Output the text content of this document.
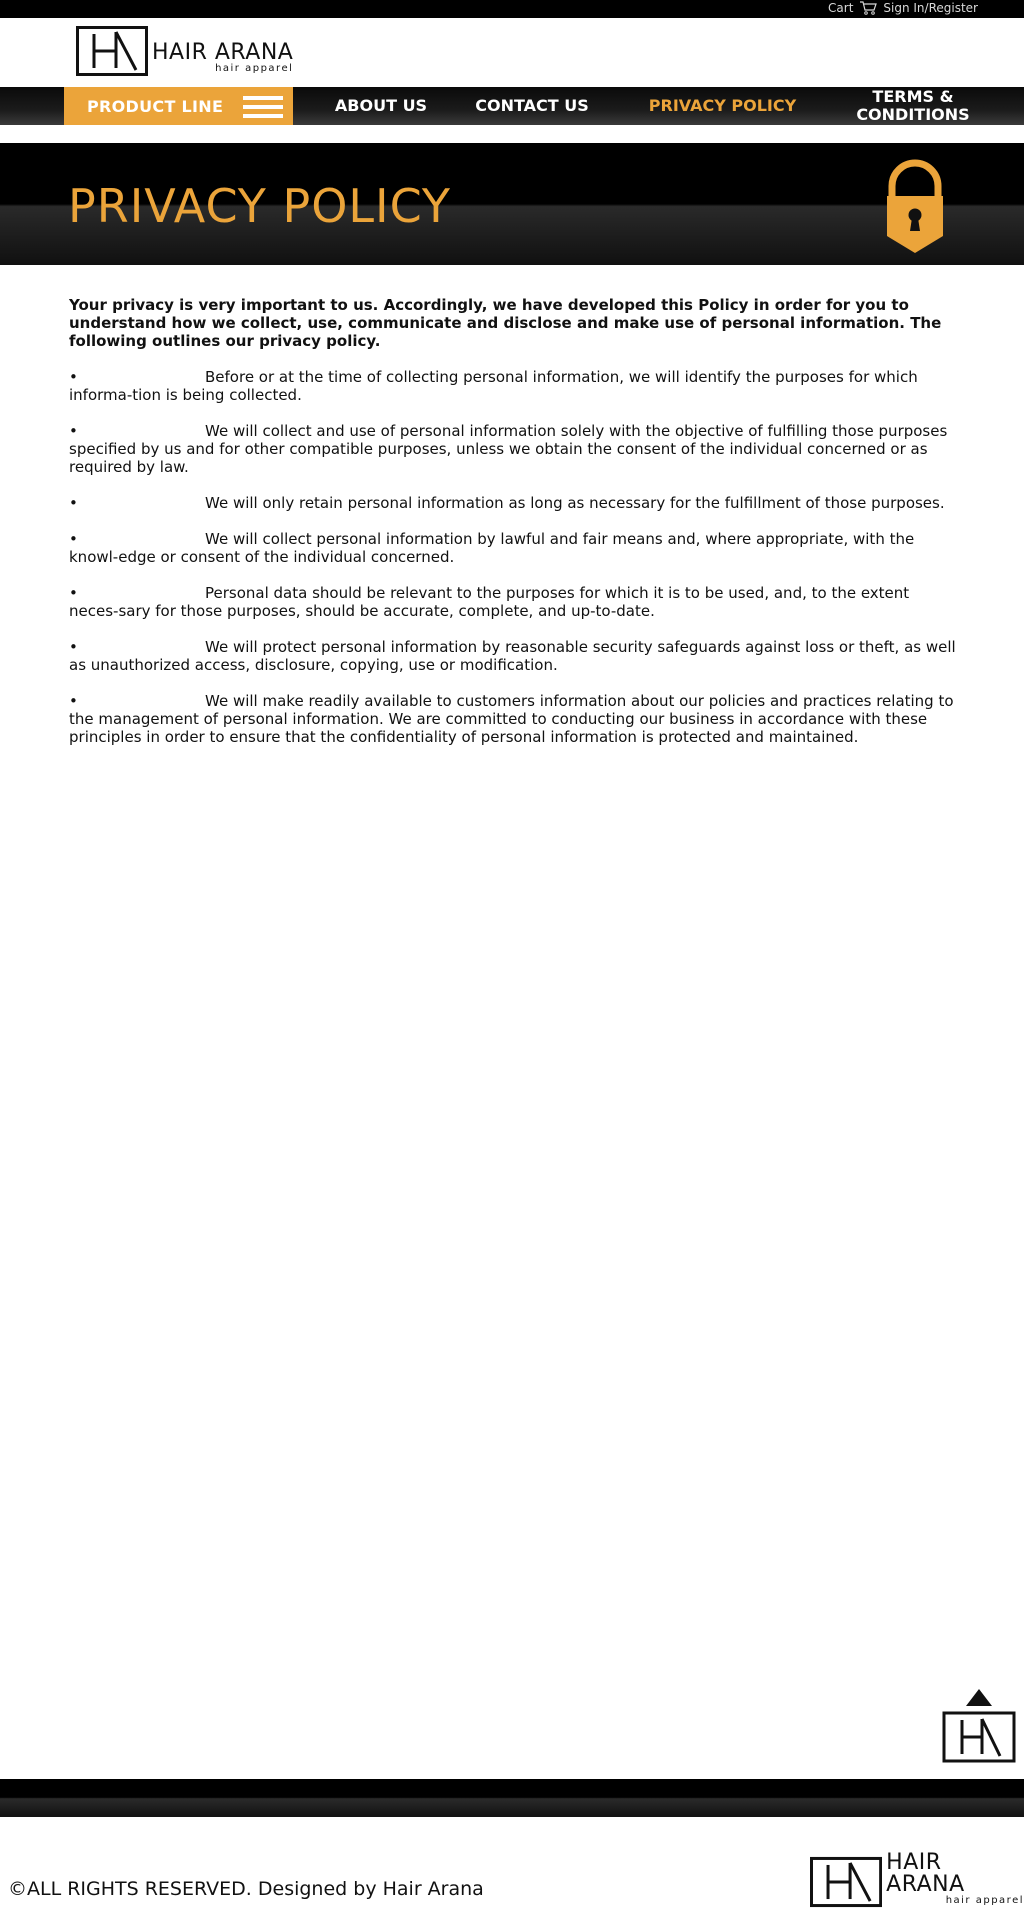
Cart	Sign In/Register
HAIR ARANA
hair apparel
PRODUCT LINE	ABOUT US	CONTACT US	PRIVACY POLICY	TERMS & CONDITIONS
PRIVACY POLICY

Your privacy is very important to us. Accordingly, we have developed this Policy in order for you to understand how we collect, use, communicate and disclose and make use of personal information. The following outlines our privacy policy.

•	Before or at the time of collecting personal information, we will identify the purposes for which informa-tion is being collected.

•	We will collect and use of personal information solely with the objective of fulfilling those purposes specified by us and for other compatible purposes, unless we obtain the consent of the individual concerned or as required by law.

•	We will only retain personal information as long as necessary for the fulfillment of those purposes.

•	We will collect personal information by lawful and fair means and, where appropriate, with the knowl-edge or consent of the individual concerned.

•	Personal data should be relevant to the purposes for which it is to be used, and, to the extent neces-sary for those purposes, should be accurate, complete, and up-to-date.

•	We will protect personal information by reasonable security safeguards against loss or theft, as well as unauthorized access, disclosure, copying, use or modification.

•	We will make readily available to customers information about our policies and practices relating to the management of personal information. We are committed to conducting our business in accordance with these principles in order to ensure that the confidentiality of personal information is protected and maintained.

©ALL RIGHTS RESERVED. Designed by Hair Arana
HAIR ARANA
hair apparel
